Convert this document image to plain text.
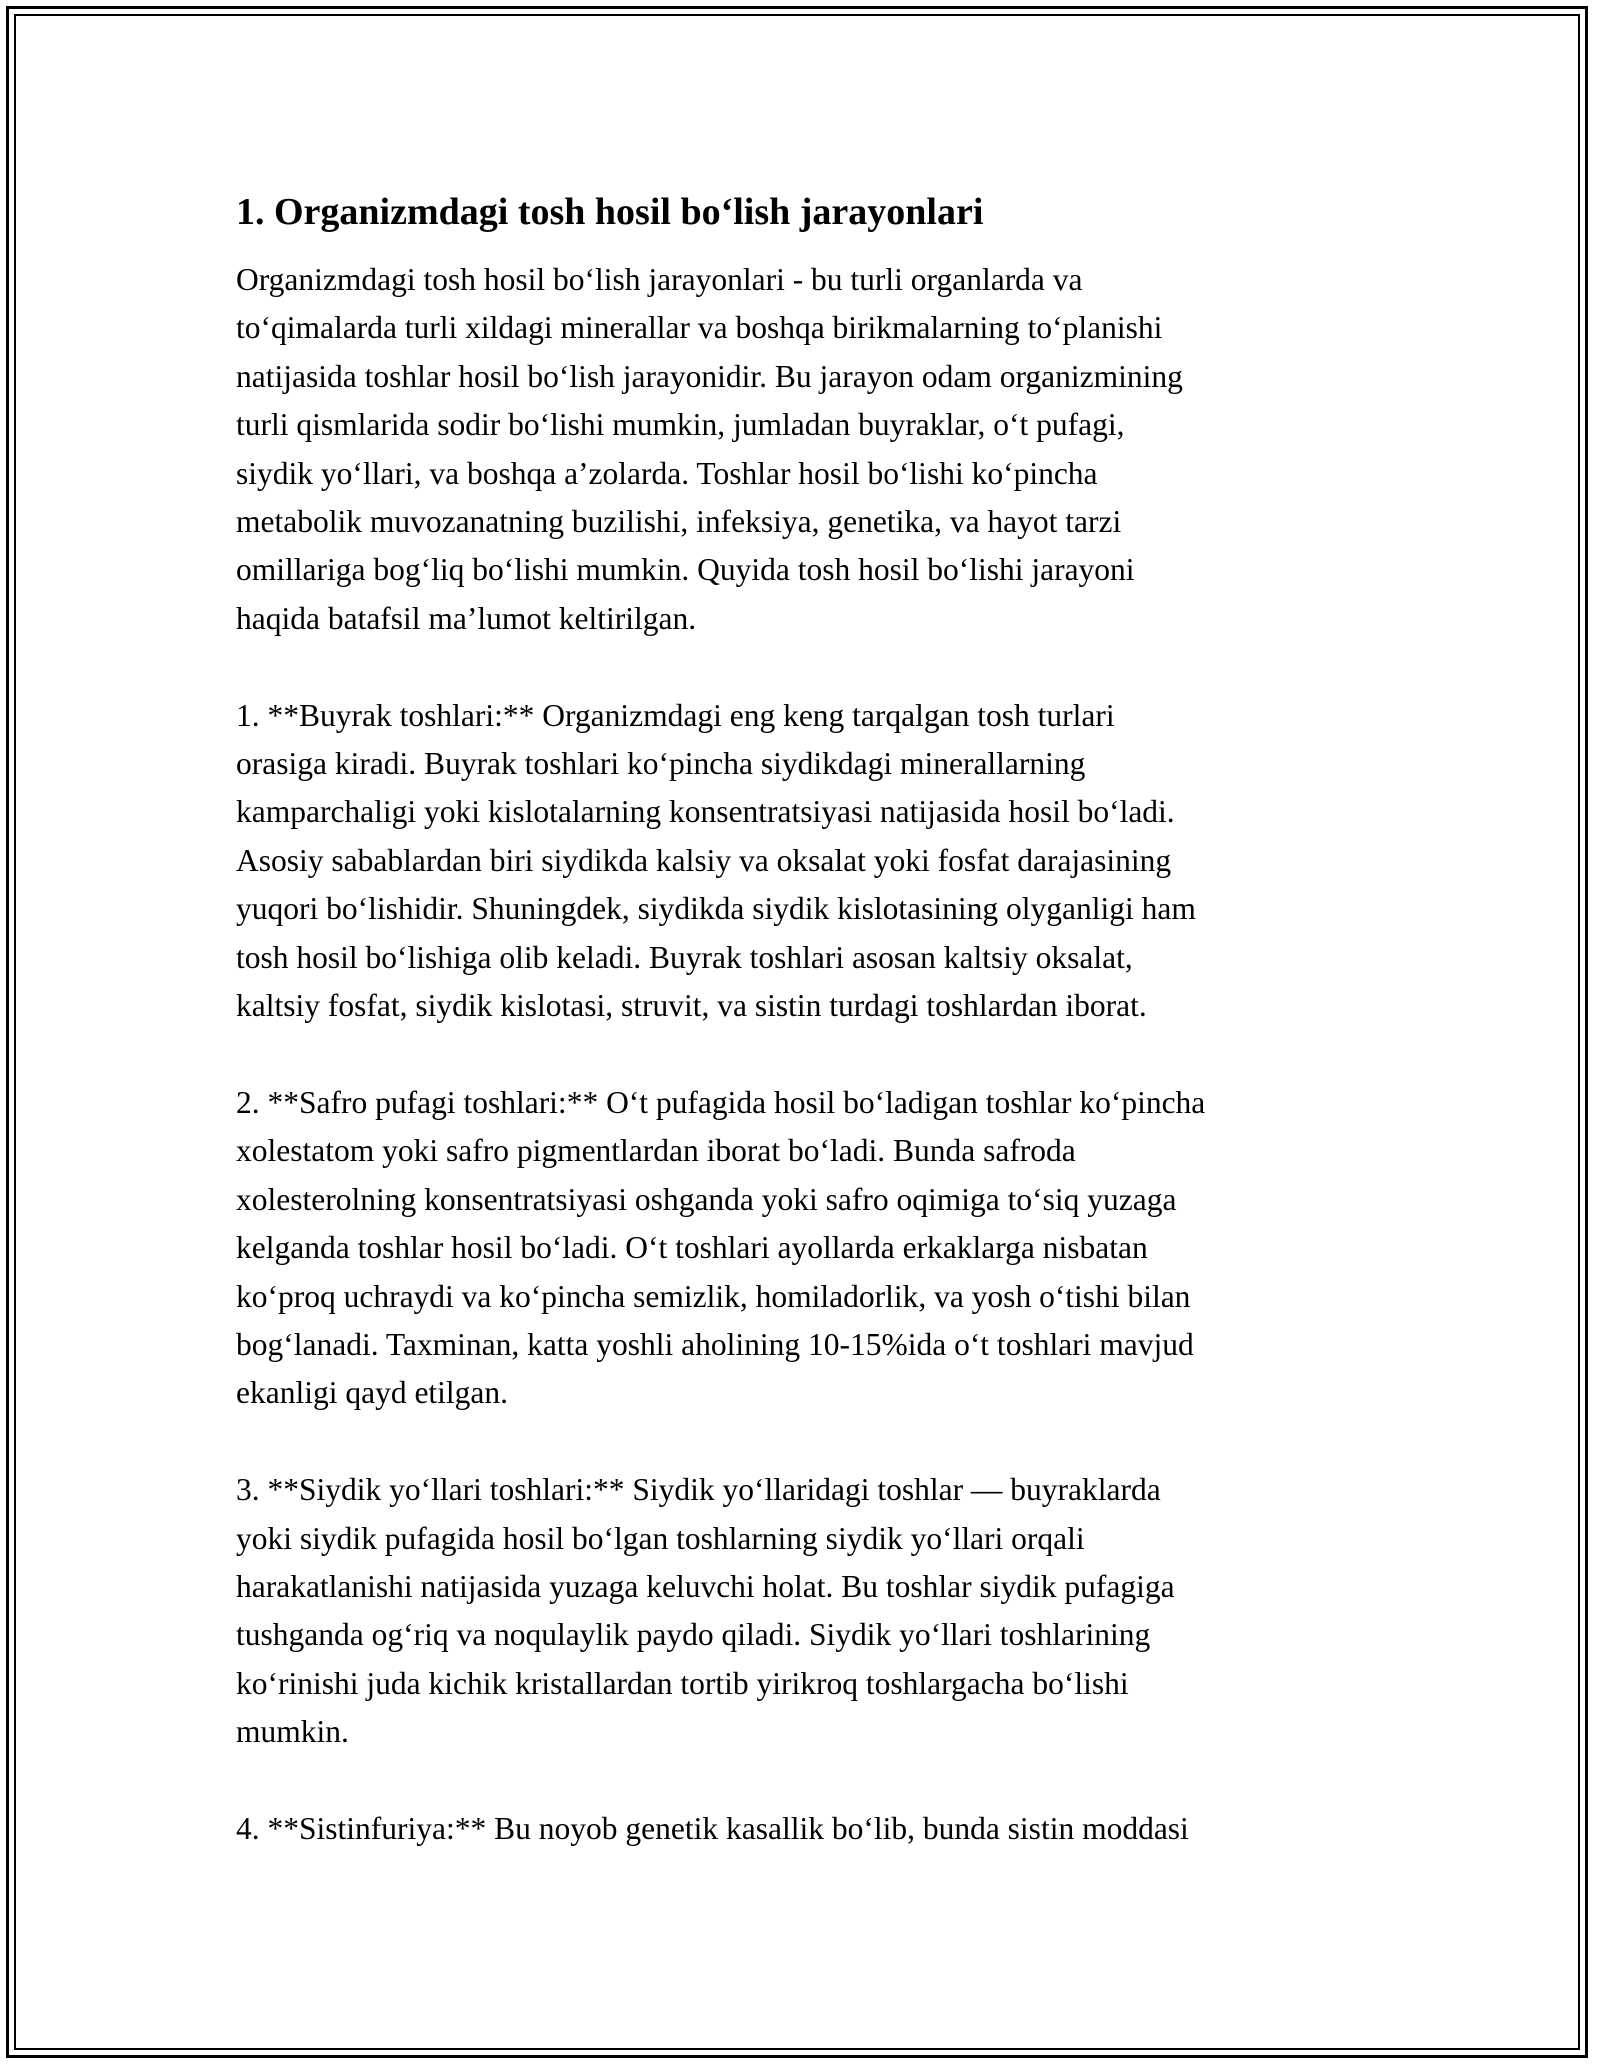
1. Organizmdagi tosh hosil bo‘lish jarayonlari

Organizmdagi tosh hosil bo‘lish jarayonlari - bu turli organlarda va
to‘qimalarda turli xildagi minerallar va boshqa birikmalarning to‘planishi
natijasida toshlar hosil bo‘lish jarayonidir. Bu jarayon odam organizmining
turli qismlarida sodir bo‘lishi mumkin, jumladan buyraklar, o‘t pufagi,
siydik yo‘llari, va boshqa a’zolarda. Toshlar hosil bo‘lishi ko‘pincha
metabolik muvozanatning buzilishi, infeksiya, genetika, va hayot tarzi
omillariga bog‘liq bo‘lishi mumkin. Quyida tosh hosil bo‘lishi jarayoni
haqida batafsil ma’lumot keltirilgan.

1. **Buyrak toshlari:** Organizmdagi eng keng tarqalgan tosh turlari
orasiga kiradi. Buyrak toshlari ko‘pincha siydikdagi minerallarning
kamparchaligi yoki kislotalarning konsentratsiyasi natijasida hosil bo‘ladi.
Asosiy sabablardan biri siydikda kalsiy va oksalat yoki fosfat darajasining
yuqori bo‘lishidir. Shuningdek, siydikda siydik kislotasining olyganligi ham
tosh hosil bo‘lishiga olib keladi. Buyrak toshlari asosan kaltsiy oksalat,
kaltsiy fosfat, siydik kislotasi, struvit, va sistin turdagi toshlardan iborat.

2. **Safro pufagi toshlari:** O‘t pufagida hosil bo‘ladigan toshlar ko‘pincha
xolestatom yoki safro pigmentlardan iborat bo‘ladi. Bunda safroda
xolesterolning konsentratsiyasi oshganda yoki safro oqimiga to‘siq yuzaga
kelganda toshlar hosil bo‘ladi. O‘t toshlari ayollarda erkaklarga nisbatan
ko‘proq uchraydi va ko‘pincha semizlik, homiladorlik, va yosh o‘tishi bilan
bog‘lanadi. Taxminan, katta yoshli aholining 10-15%ida o‘t toshlari mavjud
ekanligi qayd etilgan.

3. **Siydik yo‘llari toshlari:** Siydik yo‘llaridagi toshlar — buyraklarda
yoki siydik pufagida hosil bo‘lgan toshlarning siydik yo‘llari orqali
harakatlanishi natijasida yuzaga keluvchi holat. Bu toshlar siydik pufagiga
tushganda og‘riq va noqulaylik paydo qiladi. Siydik yo‘llari toshlarining
ko‘rinishi juda kichik kristallardan tortib yirikroq toshlargacha bo‘lishi
mumkin.

4. **Sistinfuriya:** Bu noyob genetik kasallik bo‘lib, bunda sistin moddasi
